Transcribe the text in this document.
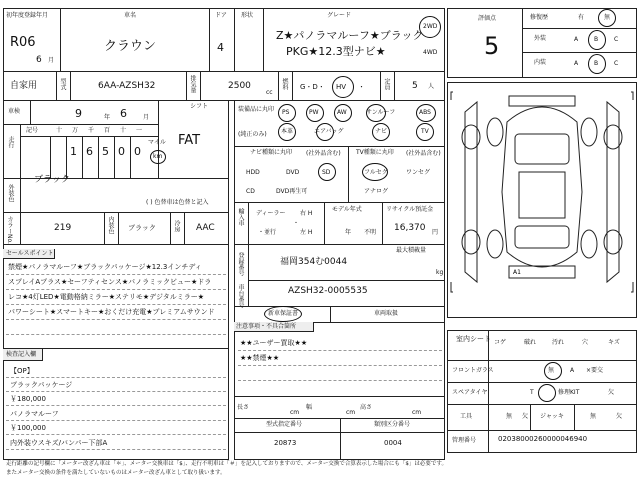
初年度登録年月
R06
6 月
車名
クラウン
ドア
4
形状	グレード
Z★パノラマルーフ★ブラック
PKG★12.3型ナビ★
2WD
4WD
自家用	型式	6AA-AZSH32	排気量	2500
cc
燃料 G・D・ HV ・	定員 5 人
車検	9	年 6	月
シフト
FAT
走行
記号	十 万 千 百 十 一
1 6 5 0 0
マイル
km
外装色
ブラック
( ) 色替車は色替と記入
カラーNo.	219	内装色 ブラック	冷房 AAC
セールスポイント
禁煙★パノラマルーフ★ブラックパッケージ★12.3インチディ
スプレイAプラス★セーフティセンス★パノラミックビュー★ドラ
レコ★4灯LED★電動格納ミラー★ステリモ★デジタルミラー★
パワーシート★スマートキー★おくだけ充電★プレミアムサウンド
検査記入欄
【OP】
ブラックパッケージ
￥180,000
パノラマルーフ
￥100,000
内外装ウスキズ/バンパー下部A
装備品に丸印
(純正のみ)
PS	PW	AW	サンルーフ	ABS
本革	エアバッグ	ナビ	TV
ナビ種類に丸印 (社外品含む)
HDD	DVD	SD
CD	DVD再生可
TV種類に丸印 (社外品含む)
フルセグ	ワンセグ
アナログ
輸入車 ディーラー
・並行
右 H
・
左 H
モデル年式
年 不明
リサイクル預託金
16,370 円
登録番号	福岡354む0044
最大積載量
kg
車台番号	AZSH32-0005535
新車保証書	車両取扱
注意事項・不具合箇所
★★ユーザー買取★★
★★禁煙★★
長さ
cm
幅
cm
高さ
cm
型式指定番号
20873
類別区分番号
0004
評価点
5
修復歴	有	無
外装	A	B	C
内装	A	B	C
A1
室内シート コゲ	破れ	汚れ	穴	キズ
フロントガラス	無	A ×要交
スペアタイヤ	T	修理KIT	欠
工具	無 欠 ジャッキ	無	欠
管理番号	02038000260000046940
走行距離の記号欄に「メーター改ざん車は「＊」、メーター交換車は「$」、走行不明車は「＃」を記入しておりますので、メーター交換で合算表示した場合にも「$」は必要です。
またメーター交換の条件を満たしていないものはメーター改ざん車として取り扱います。
